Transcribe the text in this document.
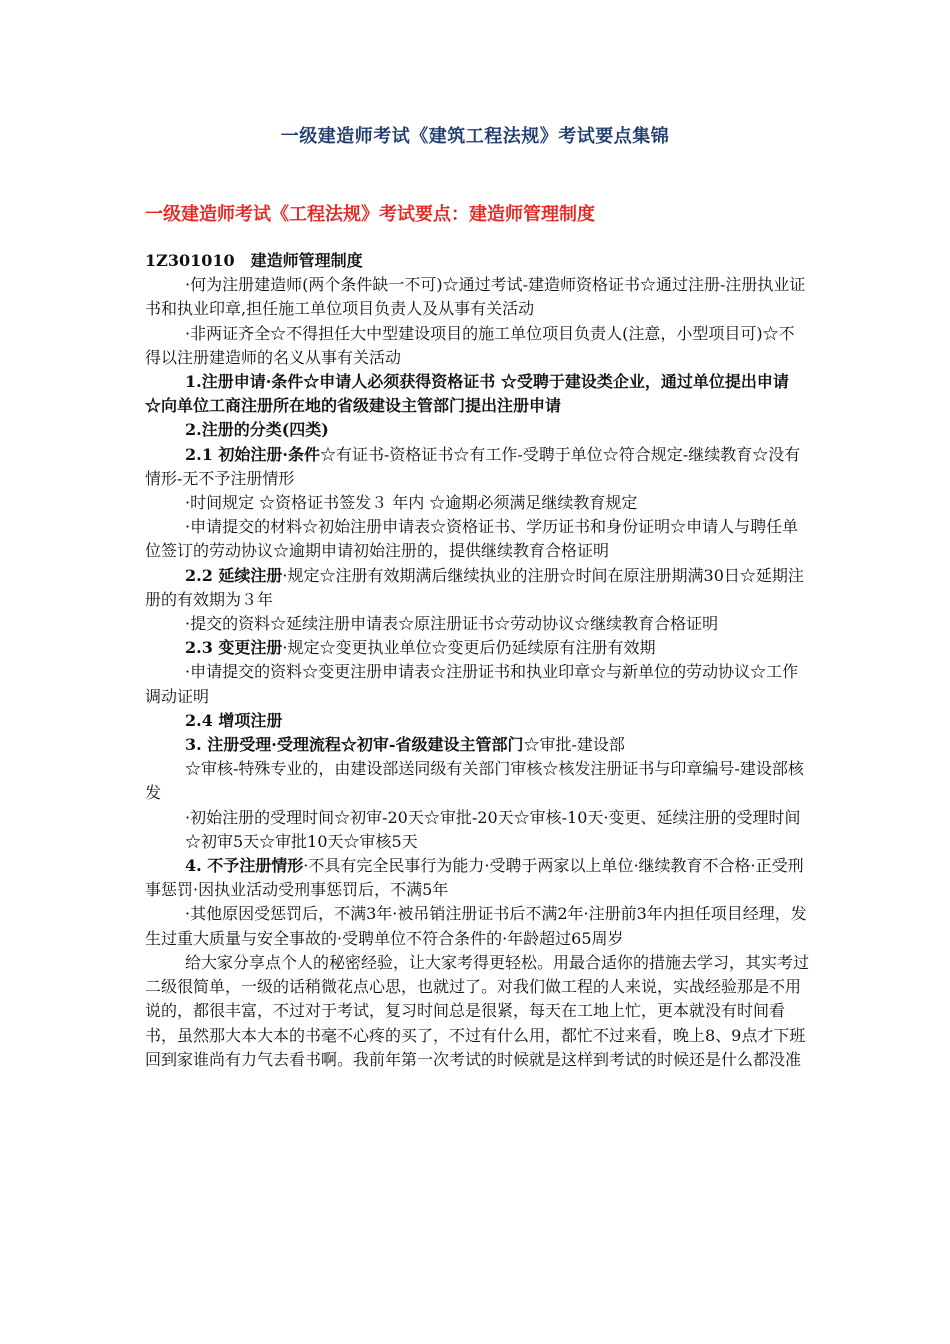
一级建造师考试《建筑工程法规》考试要点集锦
一级建造师考试《工程法规》考试要点：建造师管理制度

1Z301010　建造师管理制度

·何为注册建造师(两个条件缺一不可)☆通过考试-建造师资格证书☆通过注册-注册执业证书和执业印章,担任施工单位项目负责人及从事有关活动

·非两证齐全☆不得担任大中型建设项目的施工单位项目负责人(注意，小型项目可)☆不得以注册建造师的名义从事有关活动

1.注册申请·条件☆申请人必须获得资格证书 ☆受聘于建设类企业，通过单位提出申请 ☆向单位工商注册所在地的省级建设主管部门提出注册申请

2.注册的分类(四类)

2.1 初始注册·条件☆有证书-资格证书☆有工作-受聘于单位☆符合规定-继续教育☆没有情形-无不予注册情形

·时间规定 ☆资格证书签发３ 年内 ☆逾期必须满足继续教育规定

·申请提交的材料☆初始注册申请表☆资格证书、学历证书和身份证明☆申请人与聘任单位签订的劳动协议☆逾期申请初始注册的，提供继续教育合格证明

2.2 延续注册·规定☆注册有效期满后继续执业的注册☆时间在原注册期满30日☆延期注册的有效期为３年

·提交的资料☆延续注册申请表☆原注册证书☆劳动协议☆继续教育合格证明

2.3 变更注册·规定☆变更执业单位☆变更后仍延续原有注册有效期

·申请提交的资料☆变更注册申请表☆注册证书和执业印章☆与新单位的劳动协议☆工作调动证明

2.4 增项注册

3. 注册受理·受理流程☆初审-省级建设主管部门☆审批-建设部

☆审核-特殊专业的，由建设部送同级有关部门审核☆核发注册证书与印章编号-建设部核发

·初始注册的受理时间☆初审-20天☆审批-20天☆审核-10天·变更、延续注册的受理时间

☆初审5天☆审批10天☆审核5天

4. 不予注册情形·不具有完全民事行为能力·受聘于两家以上单位·继续教育不合格·正受刑事惩罚·因执业活动受刑事惩罚后，不满5年

·其他原因受惩罚后，不满3年·被吊销注册证书后不满2年·注册前3年内担任项目经理，发生过重大质量与安全事故的·受聘单位不符合条件的·年龄超过65周岁

给大家分享点个人的秘密经验，让大家考得更轻松。用最合适你的措施去学习，其实考过二级很简单，一级的话稍微花点心思，也就过了。对我们做工程的人来说，实战经验那是不用说的，都很丰富，不过对于考试，复习时间总是很紧，每天在工地上忙，更本就没有时间看书，虽然那大本大本的书毫不心疼的买了，不过有什么用，都忙不过来看，晚上8、9点才下班回到家谁尚有力气去看书啊。我前年第一次考试的时候就是这样到考试的时候还是什么都没准
